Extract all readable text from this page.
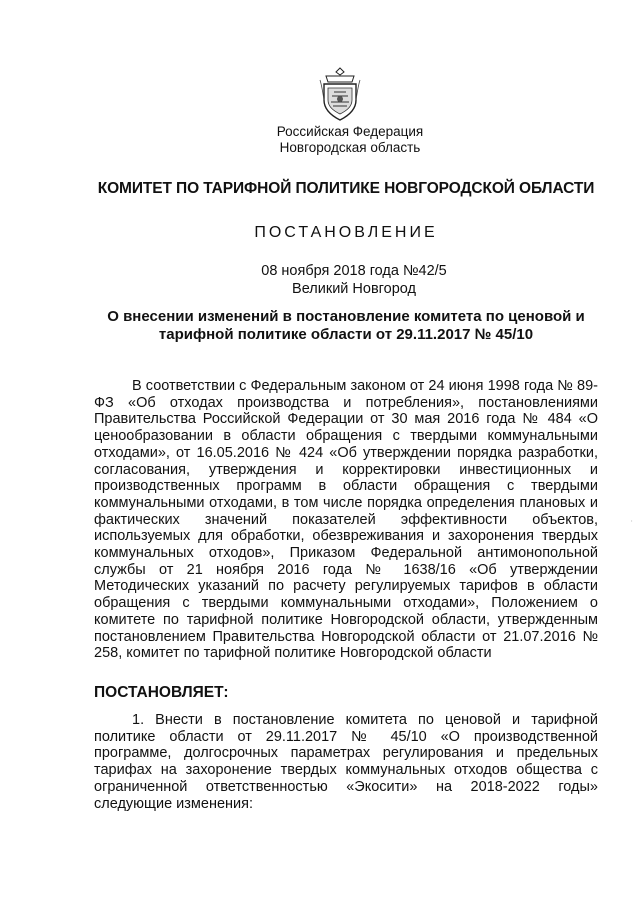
Российская Федерация
Новгородская область
КОМИТЕТ ПО ТАРИФНОЙ ПОЛИТИКЕ НОВГОРОДСКОЙ ОБЛАСТИ
ПОСТАНОВЛЕНИЕ
08 ноября 2018 года №42/5
Великий Новгород
О внесении изменений в постановление комитета по ценовой и
тарифной политике области от 29.11.2017 № 45/10

В соответствии с Федеральным законом от 24 июня 1998 года № 89-ФЗ «Об отходах производства и потребления», постановлениями Правительства Российской Федерации от 30 мая 2016 года № 484 «О ценообразовании в области обращения с твердыми коммунальными отходами», от 16.05.2016 № 424 «Об утверждении порядка разработки, согласования, утверждения и корректировки инвестиционных и производственных программ в области обращения с твердыми коммунальными отходами, в том числе порядка определения плановых и фактических значений показателей эффективности объектов, используемых для обработки, обезвреживания и захоронения твердых коммунальных отходов», Приказом Федеральной антимонопольной службы от 21 ноября 2016 года № 1638/16 «Об утверждении Методических указаний по расчету регулируемых тарифов в области обращения с твердыми коммунальными отходами», Положением о комитете по тарифной политике Новгородской области, утвержденным постановлением Правительства Новгородской области от 21.07.2016 № 258, комитет по тарифной политике Новгородской области

ПОСТАНОВЛЯЕТ:

1. Внести в постановление комитета по ценовой и тарифной политике области от 29.11.2017 № 45/10 «О производственной программе, долгосрочных параметрах регулирования и предельных тарифах на захоронение твердых коммунальных отходов общества с ограниченной ответственностью «Экосити» на 2018-2022 годы» следующие изменения:

·
